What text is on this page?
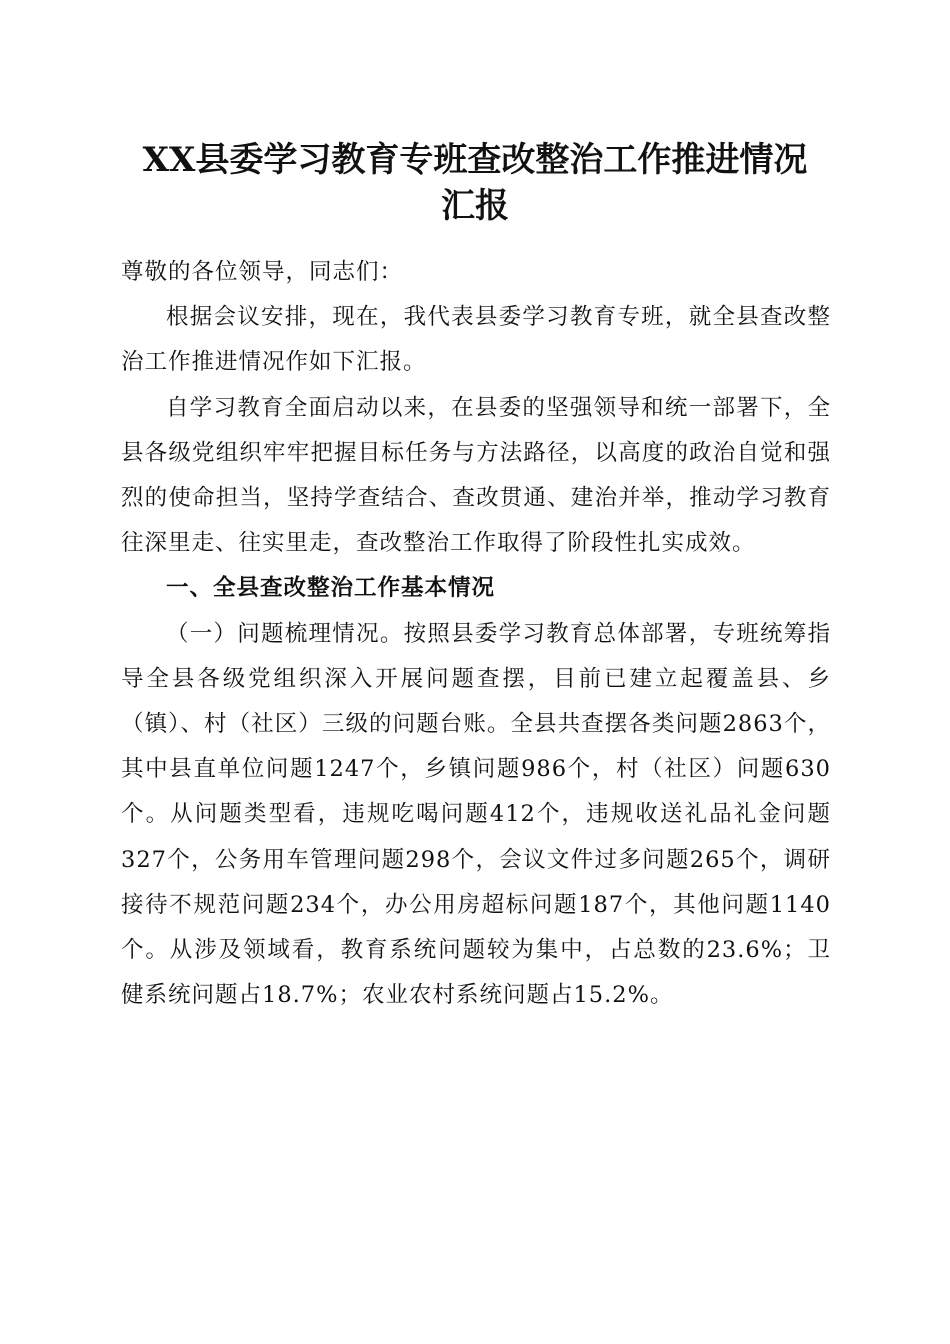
XX县委学习教育专班查改整治工作推进情况
汇报

尊敬的各位领导，同志们：

根据会议安排，现在，我代表县委学习教育专班，就全县查改整治工作推进情况作如下汇报。

自学习教育全面启动以来，在县委的坚强领导和统一部署下，全县各级党组织牢牢把握目标任务与方法路径，以高度的政治自觉和强烈的使命担当，坚持学查结合、查改贯通、建治并举，推动学习教育往深里走、往实里走，查改整治工作取得了阶段性扎实成效。

一、全县查改整治工作基本情况

（一）问题梳理情况。按照县委学习教育总体部署，专班统筹指导全县各级党组织深入开展问题查摆，目前已建立起覆盖县、乡（镇）、村（社区）三级的问题台账。全县共查摆各类问题2863个，其中县直单位问题1247个，乡镇问题986个，村（社区）问题630个。从问题类型看，违规吃喝问题412个，违规收送礼品礼金问题327个，公务用车管理问题298个，会议文件过多问题265个，调研接待不规范问题234个，办公用房超标问题187个，其他问题1140个。从涉及领域看，教育系统问题较为集中，占总数的23.6%；卫健系统问题占18.7%；农业农村系统问题占15.2%。
